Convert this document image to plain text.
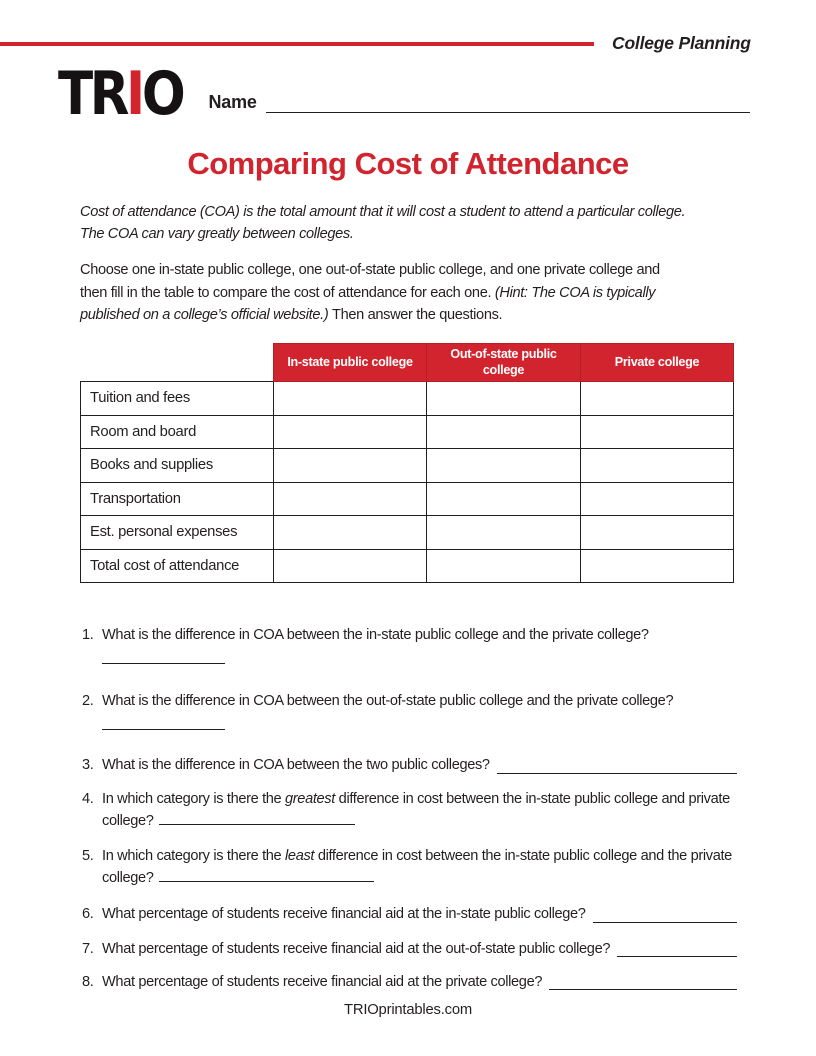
College Planning
TRIO Name
Comparing Cost of Attendance
Cost of attendance (COA) is the total amount that it will cost a student to attend a particular college.
The COA can vary greatly between colleges.
Choose one in-state public college, one out-of-state public college, and one private college and
then fill in the table to compare the cost of attendance for each one. (Hint: The COA is typically
published on a college’s official website.) Then answer the questions.
	In-state public college	Out-of-state public college	Private college
Tuition and fees			
Room and board			
Books and supplies			
Transportation			
Est. personal expenses			
Total cost of attendance			
1. What is the difference in COA between the in-state public college and the private college?
2. What is the difference in COA between the out-of-state public college and the private college?
3. What is the difference in COA between the two public colleges?
4. In which category is there the greatest difference in cost between the in-state public college and private college?
5. In which category is there the least difference in cost between the in-state public college and the private college?
6. What percentage of students receive financial aid at the in-state public college?
7. What percentage of students receive financial aid at the out-of-state public college?
8. What percentage of students receive financial aid at the private college?
TRIOprintables.com
